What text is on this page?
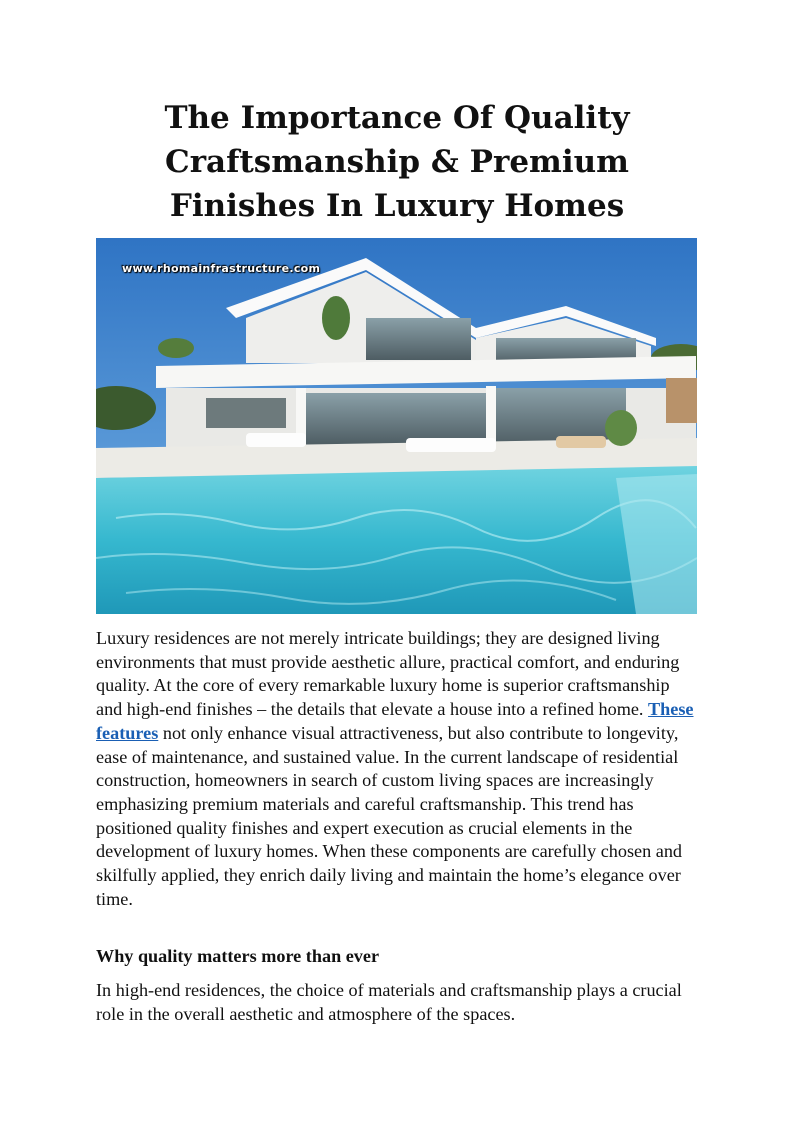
The Importance Of Quality Craftsmanship & Premium Finishes In Luxury Homes
www.rhomainfrastructure.com

Luxury residences are not merely intricate buildings; they are designed living environments that must provide aesthetic allure, practical comfort, and enduring quality. At the core of every remarkable luxury home is superior craftsmanship and high-end finishes – the details that elevate a house into a refined home. These features not only enhance visual attractiveness, but also contribute to longevity, ease of maintenance, and sustained value. In the current landscape of residential construction, homeowners in search of custom living spaces are increasingly emphasizing premium materials and careful craftsmanship. This trend has positioned quality finishes and expert execution as crucial elements in the development of luxury homes. When these components are carefully chosen and skilfully applied, they enrich daily living and maintain the home’s elegance over time.

Why quality matters more than ever

In high-end residences, the choice of materials and craftsmanship plays a crucial role in the overall aesthetic and atmosphere of the spaces.
